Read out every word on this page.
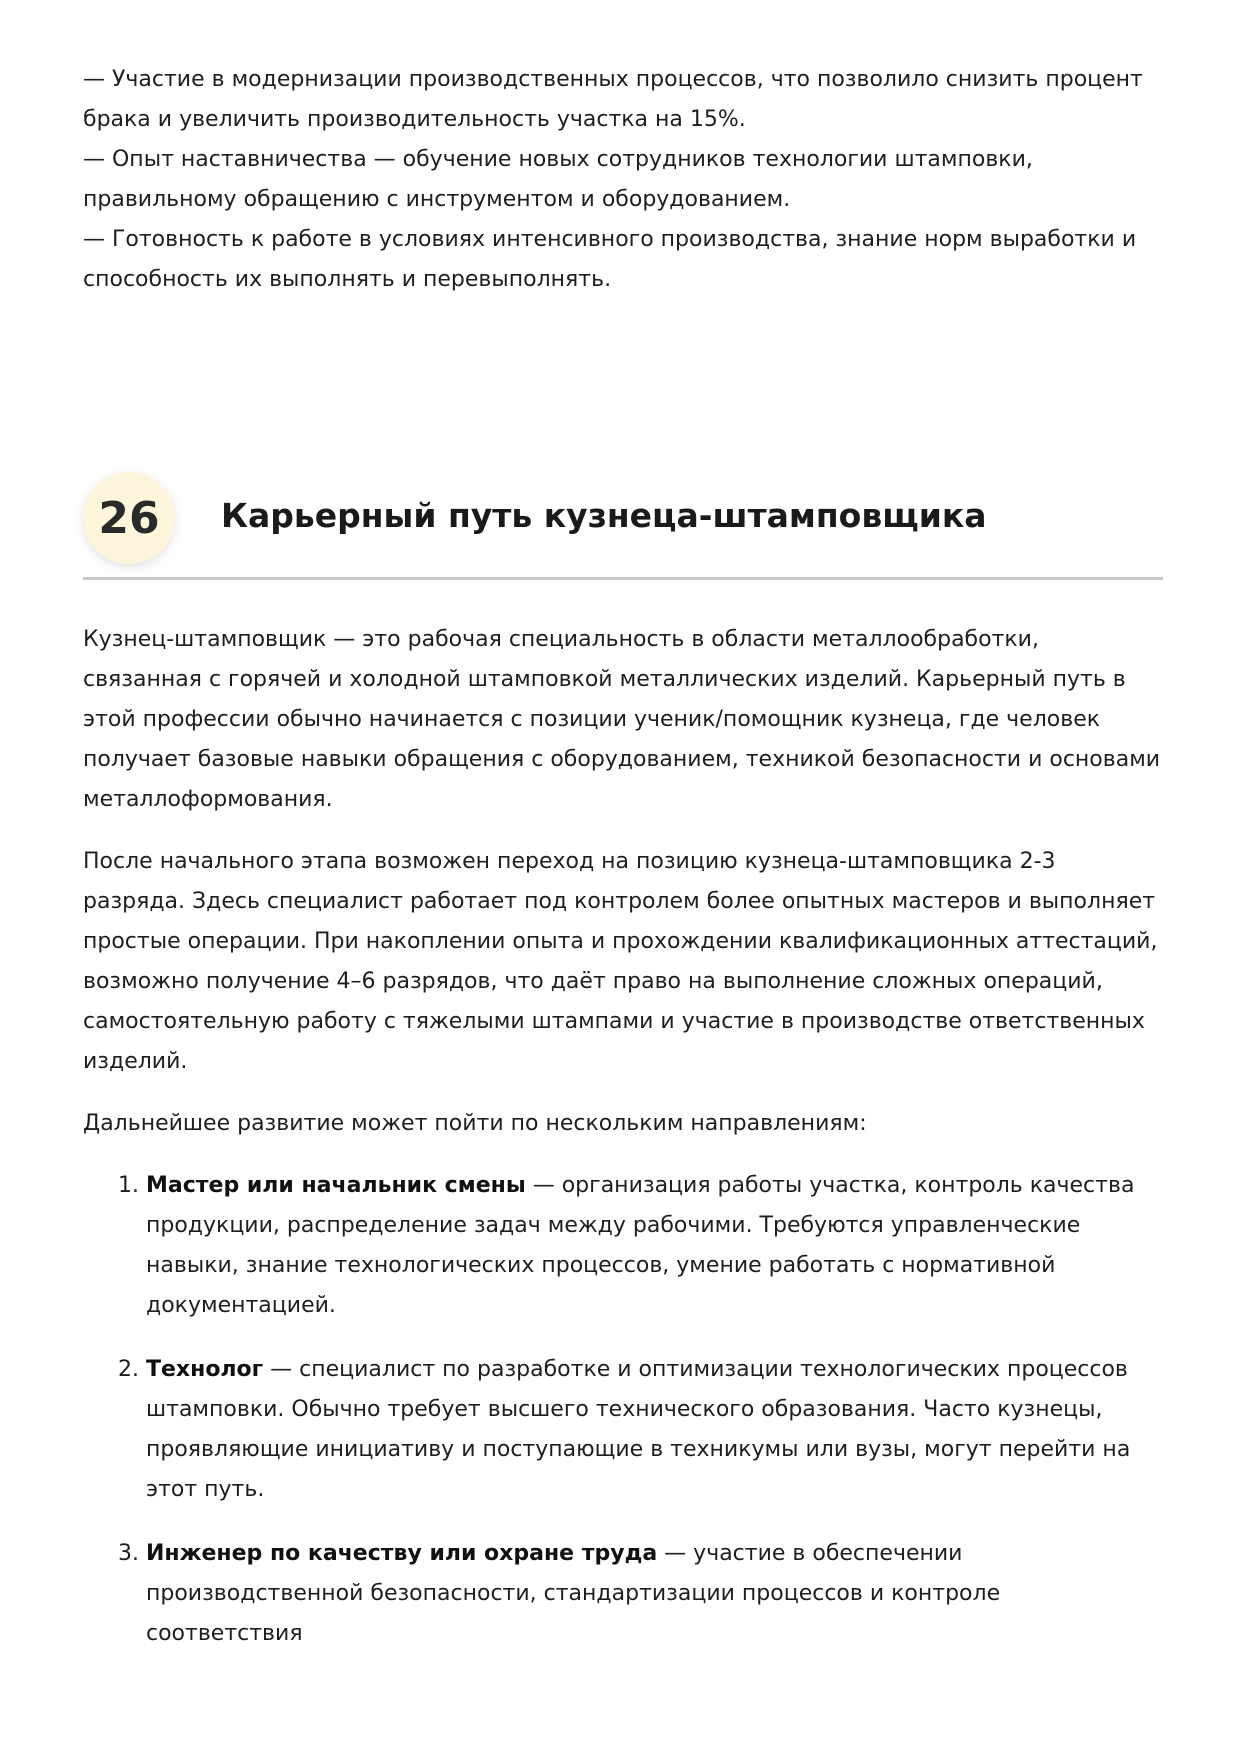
— Участие в модернизации производственных процессов, что позволило снизить процент

брака и увеличить производительность участка на 15%.

— Опыт наставничества — обучение новых сотрудников технологии штамповки,

правильному обращению с инструментом и оборудованием.

— Готовность к работе в условиях интенсивного производства, знание норм выработки и

способность их выполнять и перевыполнять.

26	Карьерный путь кузнеца-штамповщика

Кузнец-штамповщик — это рабочая специальность в области металлообработки, связанная с горячей и холодной штамповкой металлических изделий. Карьерный путь в этой профессии обычно начинается с позиции ученик/помощник кузнеца, где человек получает базовые навыки обращения с оборудованием, техникой безопасности и основами металлоформования.

После начального этапа возможен переход на позицию кузнеца-штамповщика 2-3 разряда. Здесь специалист работает под контролем более опытных мастеров и выполняет простые операции. При накоплении опыта и прохождении квалификационных аттестаций, возможно получение 4–6 разрядов, что даёт право на выполнение сложных операций, самостоятельную работу с тяжелыми штампами и участие в производстве ответственных изделий.

Дальнейшее развитие может пойти по нескольким направлениям:

1. Мастер или начальник смены — организация работы участка, контроль качества продукции, распределение задач между рабочими. Требуются управленческие навыки, знание технологических процессов, умение работать с нормативной документацией.
2. Технолог — специалист по разработке и оптимизации технологических процессов штамповки. Обычно требует высшего технического образования. Часто кузнецы, проявляющие инициативу и поступающие в техникумы или вузы, могут перейти на этот путь.
3. Инженер по качеству или охране труда — участие в обеспечении производственной безопасности, стандартизации процессов и контроле соответствия
